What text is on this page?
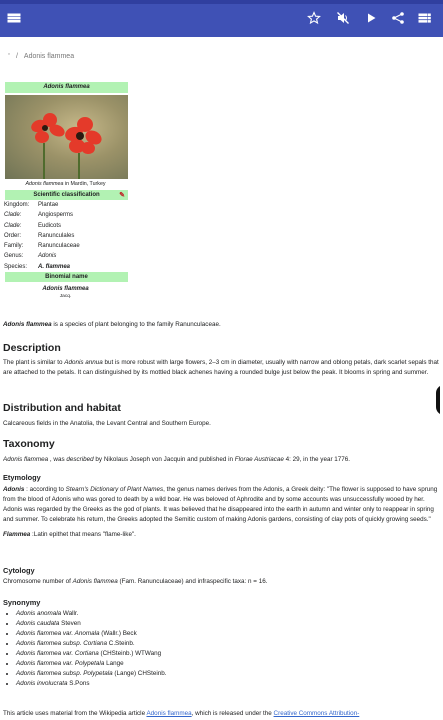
* / Adonis flammea
Adonis flammea
Adonis flammea in Mardin, Turkey
Scientific classification	✎
Kingdom:	Plantae
Clade:	Angiosperms
Clade:	Eudicots
Order:	Ranunculales
Family:	Ranunculaceae
Genus:	Adonis
Species:	A. flammea
Binomial name
Adonis flammea
Jacq.

Adonis flammea is a species of plant belonging to the family Ranunculaceae.

Description

The plant is similar to Adonis annua but is more robust with large flowers, 2–3 cm in diameter, usually with narrow and oblong petals, dark scarlet sepals that are attached to the petals. It can distinguished by its mottled black achenes having a rounded bulge just below the peak. It blooms in spring and summer.

Distribution and habitat

Calcareous fields in the Anatolia, the Levant Central and Southern Europe.

Taxonomy

Adonis flammea , was described by Nikolaus Joseph von Jacquin and published in Florae Austriacae 4: 29, in the year 1776.

Etymology

Adonis : according to Stearn's Dictionary of Plant Names, the genus names derives from the Adonis, a Greek deity: "The flower is supposed to have sprung from the blood of Adonis who was gored to death by a wild boar. He was beloved of Aphrodite and by some accounts was unsuccessfully wooed by her. Adonis was regarded by the Greeks as the god of plants. It was believed that he disappeared into the earth in autumn and winter only to reappear in spring and summer. To celebrate his return, the Greeks adopted the Semitic custom of making Adonis gardens, consisting of clay pots of quickly growing seeds."

Flammea :Latin epithet that means "flame-like".

Cytology

Chromosome number of Adonis flammea (Fam. Ranunculaceae) and infraspecific taxa: n = 16.

Synonymy
• Adonis anomala Wallr.
• Adonis caudata Steven
• Adonis flammea var. Anomala (Wallr.) Beck
• Adonis flammea subsp. Cortiana C.Steinb.
• Adonis flammea var. Cortiana (CHSteinb.) WTWang
• Adonis flammea var. Polypetala Lange
• Adonis flammea subsp. Polypetala (Lange) CHSteinb.
• Adonis involucrata S.Pons

This article uses material from the Wikipedia article Adonis flammea, which is released under the Creative Commons Attribution-
